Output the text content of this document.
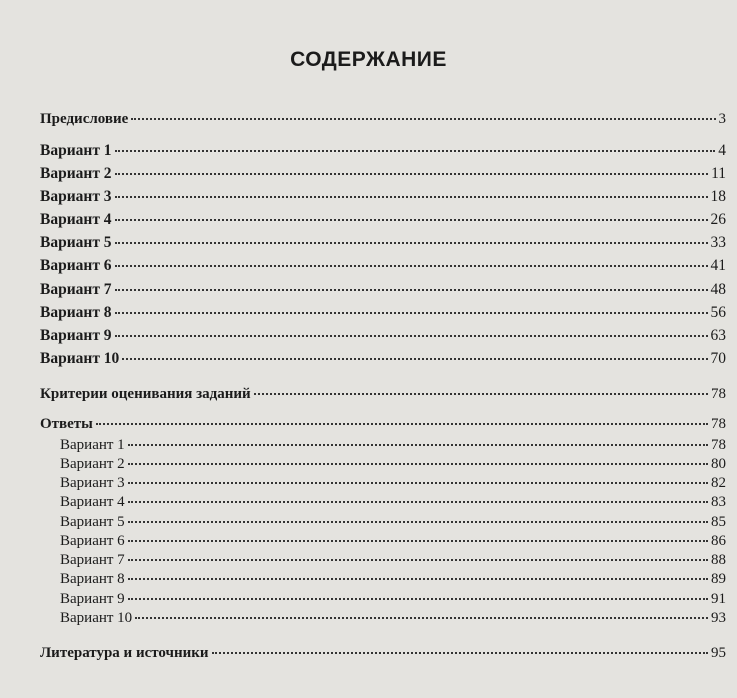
СОДЕРЖАНИЕ
Предисловие	3
Вариант 1	4
Вариант 2	11
Вариант 3	18
Вариант 4	26
Вариант 5	33
Вариант 6	41
Вариант 7	48
Вариант 8	56
Вариант 9	63
Вариант 10	70
Критерии оценивания заданий	78
Ответы	78
Вариант 1	78
Вариант 2	80
Вариант 3	82
Вариант 4	83
Вариант 5	85
Вариант 6	86
Вариант 7	88
Вариант 8	89
Вариант 9	91
Вариант 10	93
Литература и источники	95
